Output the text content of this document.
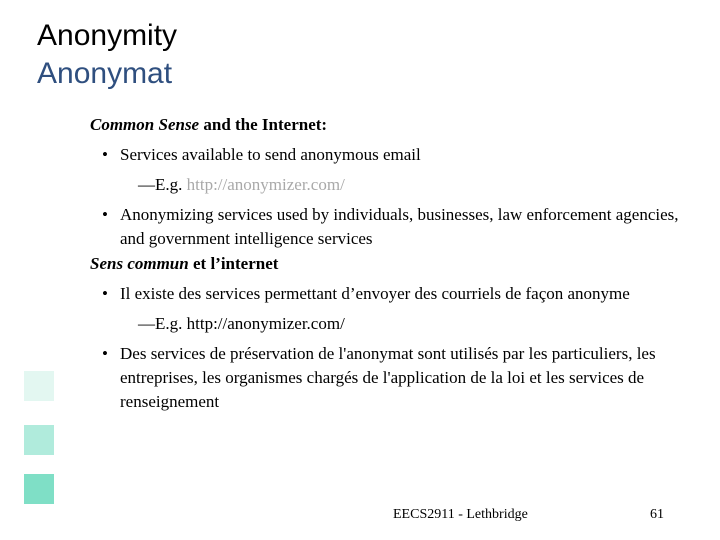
Anonymity
Anonymat
Common Sense and the Internet:
• Services available to send anonymous email
—E.g. http://anonymizer.com/
• Anonymizing services used by individuals, businesses, law enforcement agencies, and government intelligence services
Sens commun et l’internet
• Il existe des services permettant d’envoyer des courriels de façon anonyme
—E.g. http://anonymizer.com/
• Des services de préservation de l'anonymat sont utilisés par les particuliers, les entreprises, les organismes chargés de l'application de la loi et les services de renseignement
EECS2911 - Lethbridge	61
